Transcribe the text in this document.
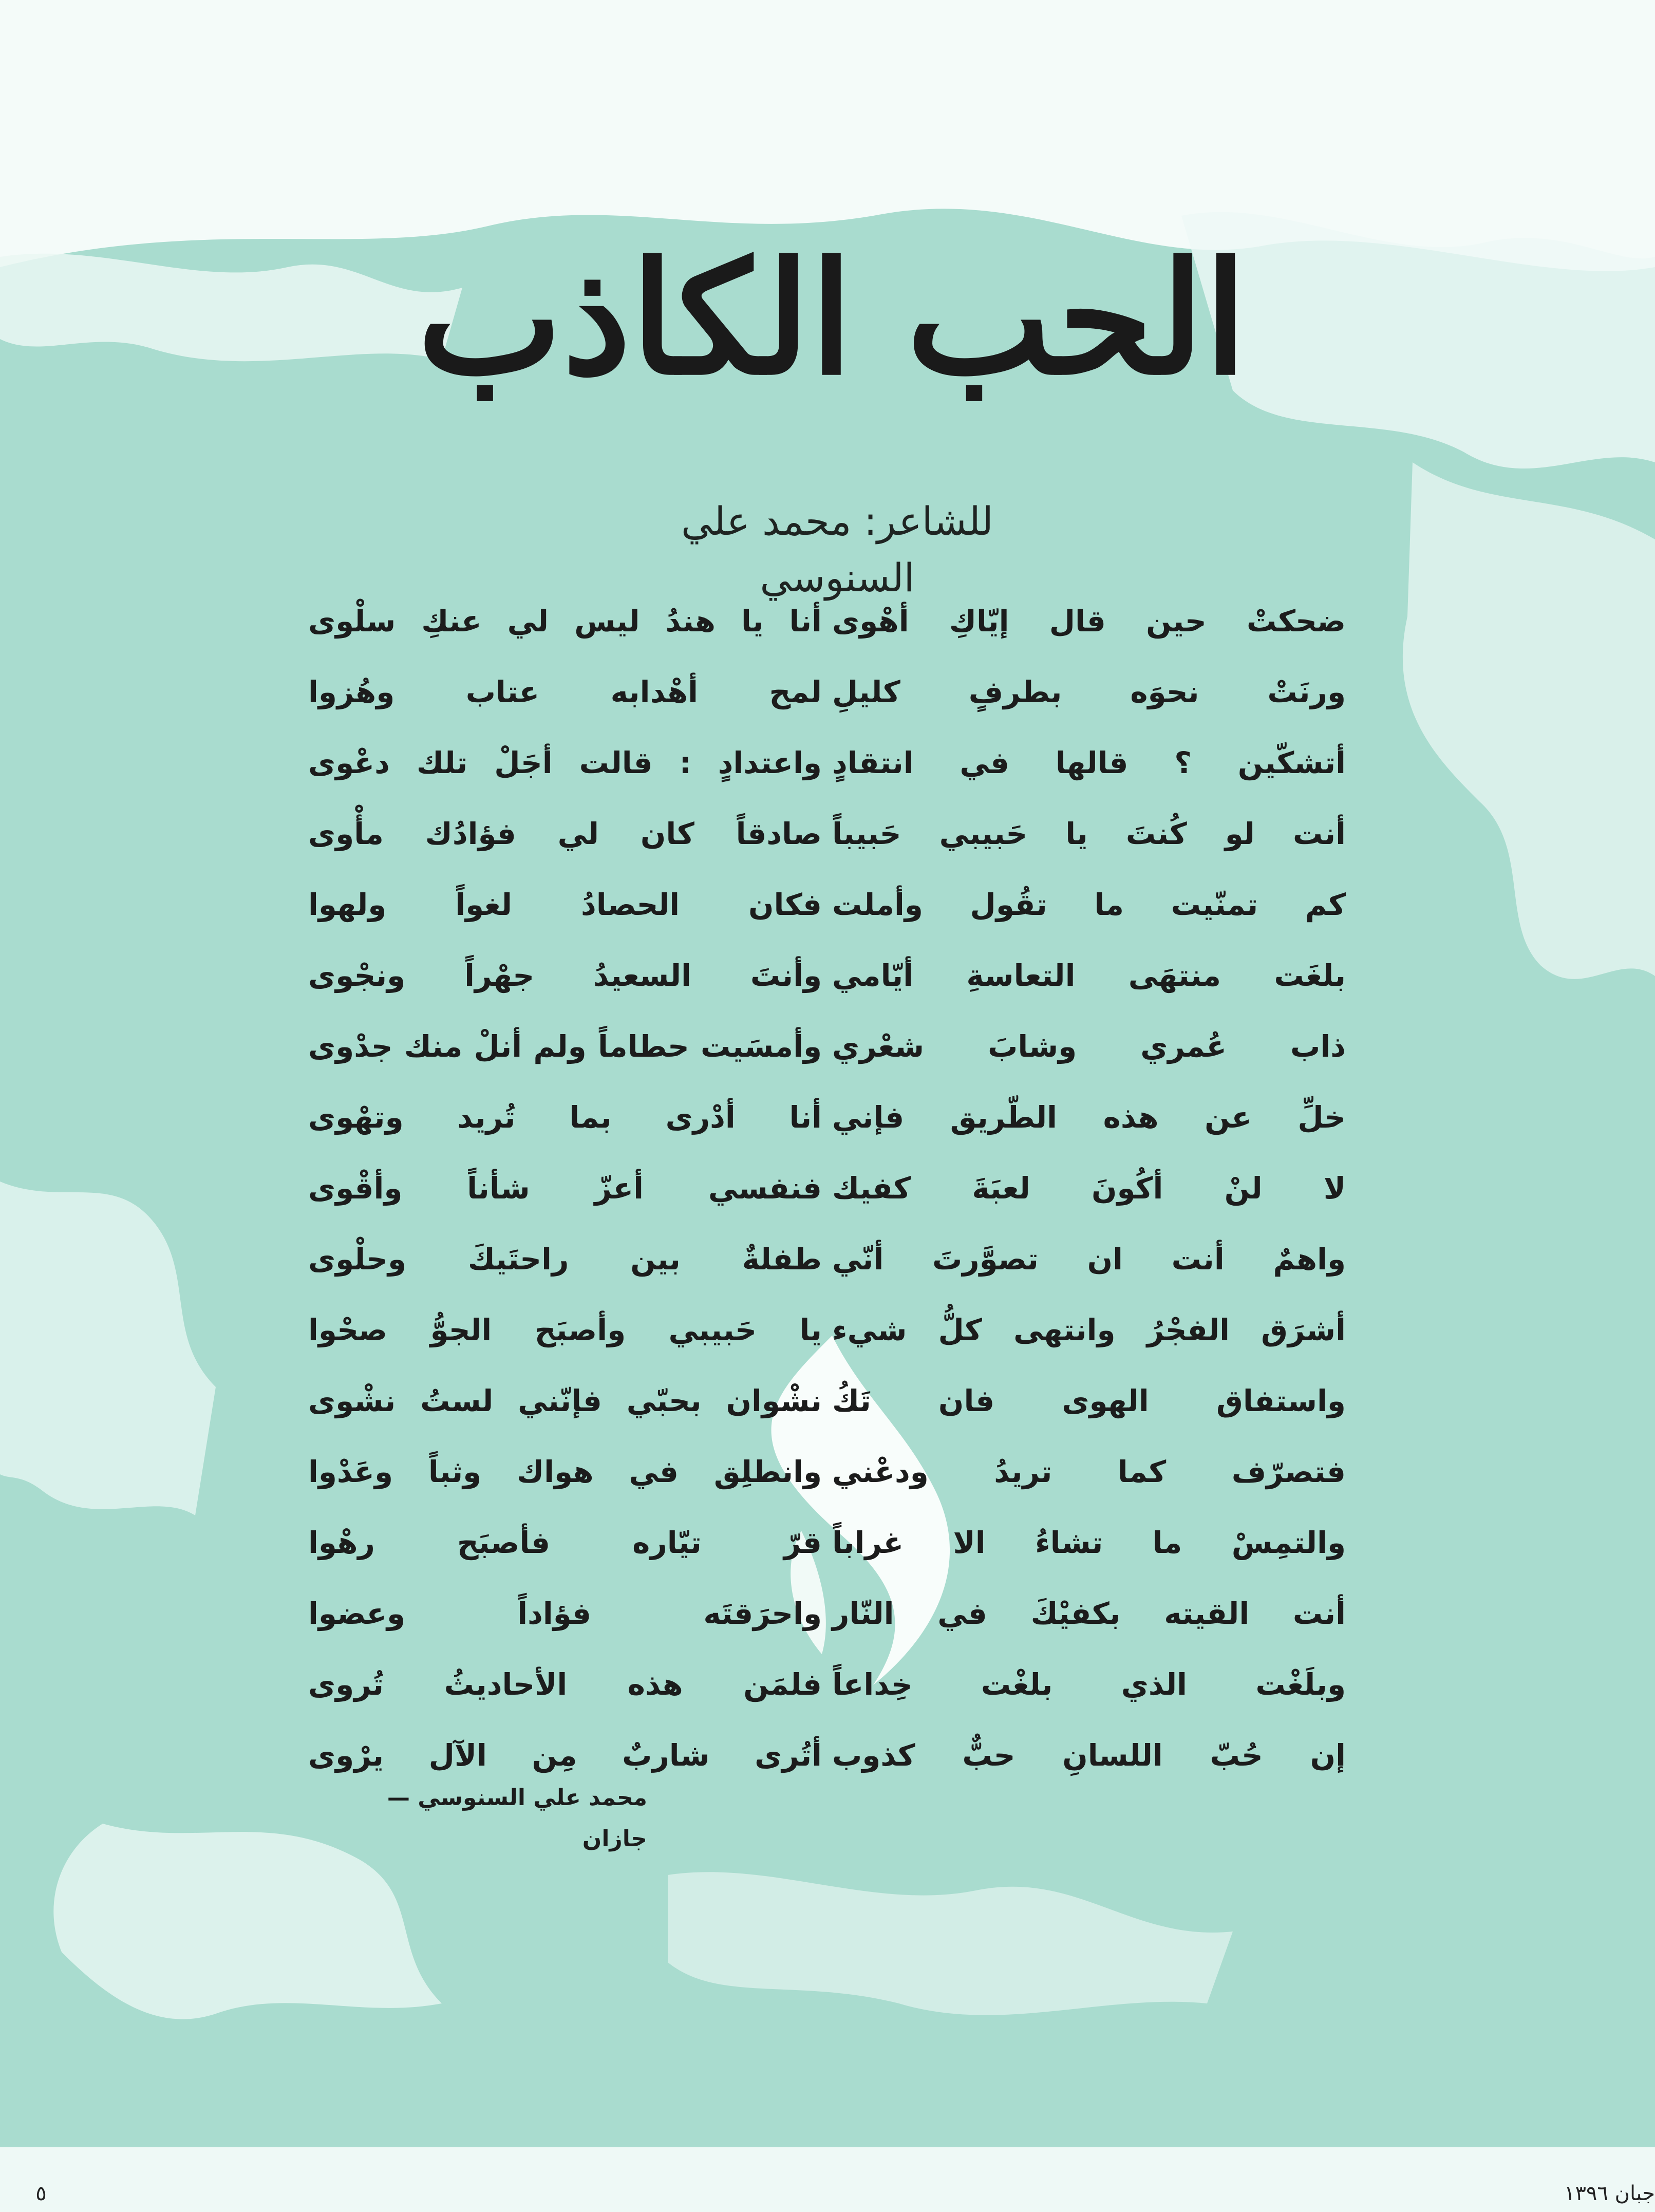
الحب الكاذب
للشاعر: محمد علي السنوسي
ضحكتْ حين قال إيّاكِ أهْوى
ورنَتْ نحوَه بطرفٍ كليلِ
أتشكّين ؟ قالها في انتقادٍ
أنت لو كُنتَ يا حَبيبي حَبيباً
كم تمنّيت ما تقُول وأملت
بلغَت منتهَى التعاسةِ أيّامي
ذاب عُمري وشابَ شعْري
خلِّ عن هذه الطّريق فإني
لا لنْ أكُونَ لعبَةَ كفيك
واهمٌ أنت ان تصوَّرتَ أنّي
أشرَق الفجْرُ وانتهى كلُّ شيء
واستفاق الهوى فان تَكُ
فتصرّف كما تريدُ ودعْني
والتمِسْ ما تشاءُ الا غراباً
أنت القيته بكفيْكَ في النّار
وبلَغْت الذي بلغْت خِداعاً
إن حُبّ اللسانِ حبٌّ كذوب
أنا يا هندُ ليس لي عنكِ سلْوى
لمح أهْدابه عتاب وهُزوا
واعتدادٍ : قالت أجَلْ تلك دعْوى
صادقاً كان لي فؤادُك مأْوى
فكان الحصادُ لغواً ولهوا
وأنتَ السعيدُ جهْراً ونجْوى
وأمسَيت حطاماً ولم أنلْ منك جدْوى
أنا أدْرى بما تُريد وتهْوى
فنفسي أعزّ شأناً وأقْوى
طفلةٌ بين راحتَيكَ وحلْوى
يا حَبيبي وأصبَح الجوُّ صحْوا
نشْوان بحبّي فإنّني لستُ نشْوى
وانطلِق في هواك وثباً وعَدْوا
قرّ تيّاره فأصبَح رهْوا
واحرَقتَه فؤاداً وعضوا
فلمَن هذه الأحاديثُ تُروى
أتُرى شاربٌ مِن الآل يرْوى
محمد علي السنوسي — جازان
جبان ١٣٩٦
٥
